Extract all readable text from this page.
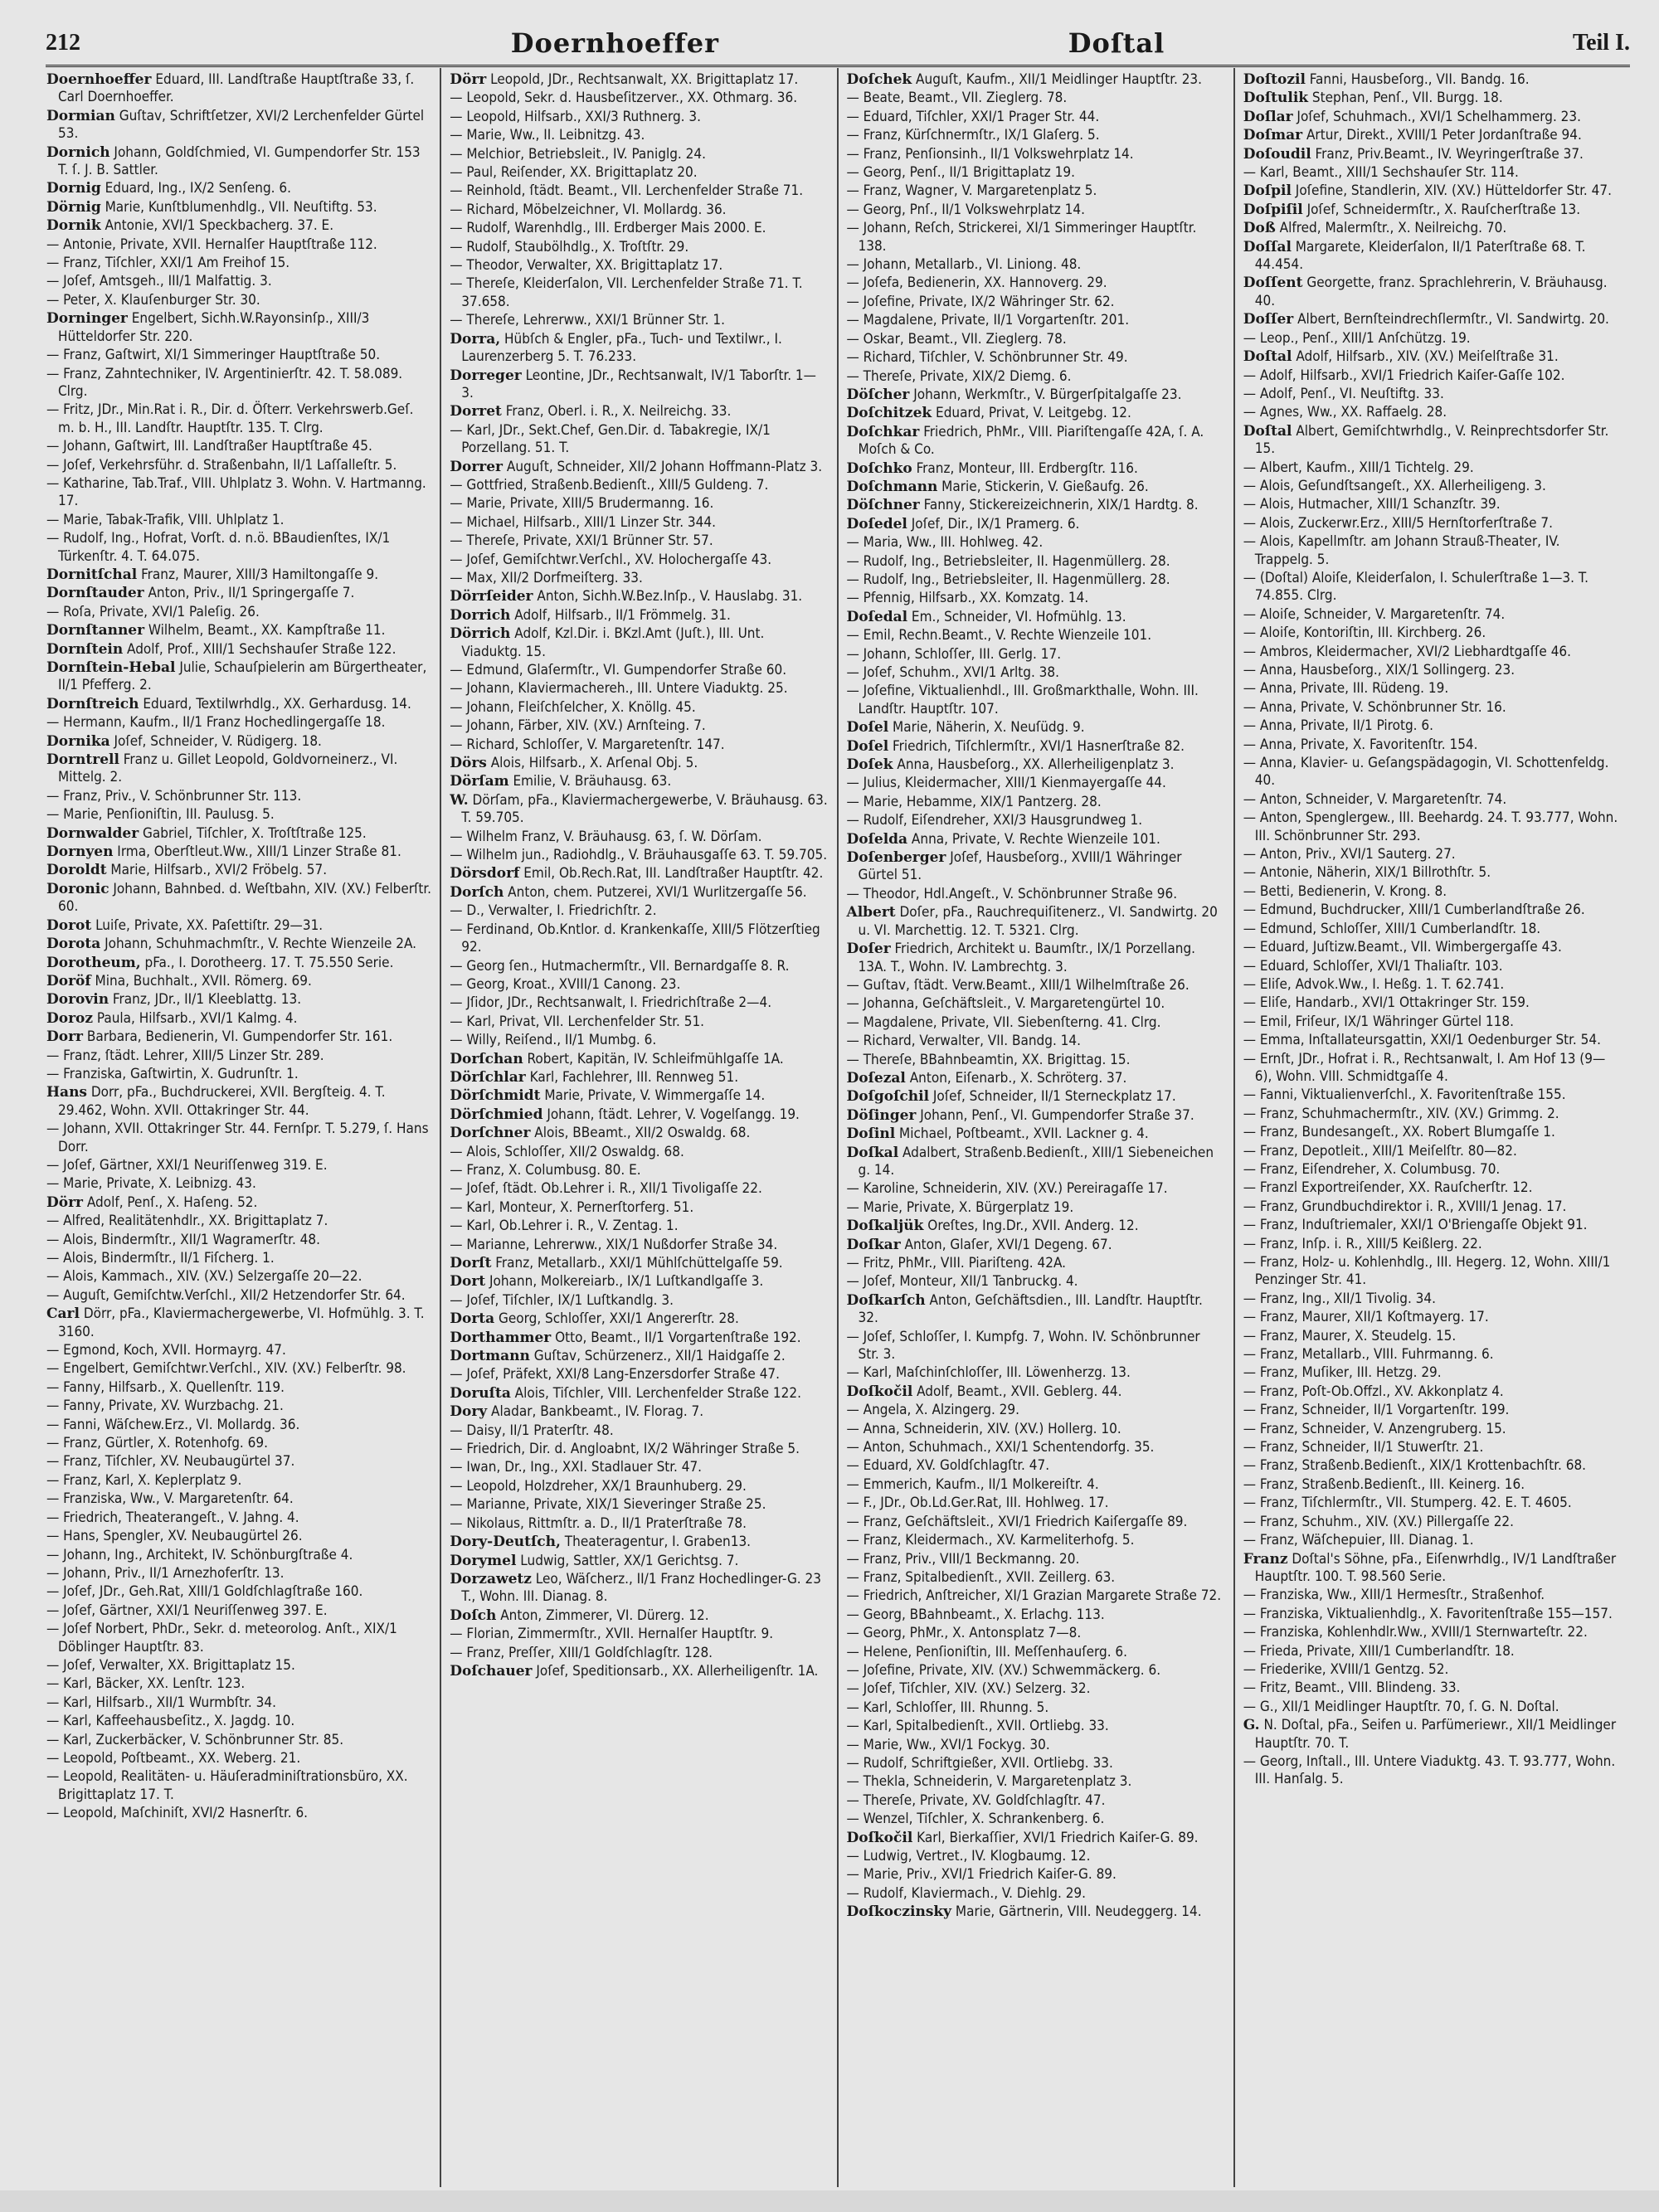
212	Doernhoeffer	Doſtal	Teil I.
Doernhoeffer Eduard, III. Landſtraße Hauptſtraße 33, ſ. Carl Doernhoeffer.
Dormian Guſtav, Schriftſetzer, XVI/2 Lerchenfelder Gürtel 53.
Dornich Johann, Goldſchmied, VI. Gumpendorfer Str. 153 T. ſ. J. B. Sattler.
Dornig Eduard, Ing., IX/2 Senſeng. 6.
Dörnig Marie, Kunſtblumenhdlg., VII. Neuſtiftg. 53.
Dornik Antonie, XVI/1 Speckbacherg. 37. E.
— Antonie, Private, XVII. Hernalſer Hauptſtraße 112.
— Franz, Tiſchler, XXI/1 Am Freihof 15.
— Joſef, Amtsgeh., III/1 Malfattig. 3.
— Peter, X. Klauſenburger Str. 30.
Dorninger Engelbert, Sichh.W.Rayonsinſp., XIII/3 Hütteldorfer Str. 220.
— Franz, Gaſtwirt, XI/1 Simmeringer Hauptſtraße 50.
— Franz, Zahntechniker, IV. Argentinierſtr. 42. T. 58.089. Clrg.
— Fritz, JDr., Min.Rat i. R., Dir. d. Öſterr. Verkehrswerb.Geſ. m. b. H., III. Landſtr. Hauptſtr. 135. T. Clrg.
— Johann, Gaſtwirt, III. Landſtraßer Hauptſtraße 45.
— Joſef, Verkehrsführ. d. Straßenbahn, II/1 Laſſalleſtr. 5.
— Katharine, Tab.Traf., VIII. Uhlplatz 3. Wohn. V. Hartmanng. 17.
— Marie, Tabak-Trafik, VIII. Uhlplatz 1.
— Rudolf, Ing., Hofrat, Vorſt. d. n.ö. BBaudienſtes, IX/1 Türkenſtr. 4. T. 64.075.
Dornitſchal Franz, Maurer, XIII/3 Hamiltongaſſe 9.
Dornſtauder Anton, Priv., II/1 Springergaſſe 7.
— Roſa, Private, XVI/1 Paleſig. 26.
Dornſtanner Wilhelm, Beamt., XX. Kampſtraße 11.
Dornſtein Adolf, Prof., XIII/1 Sechshauſer Straße 122.
Dornſtein-Hebal Julie, Schauſpielerin am Bürgertheater, II/1 Pfefferg. 2.
Dornſtreich Eduard, Textilwrhdlg., XX. Gerhardusg. 14.
— Hermann, Kaufm., II/1 Franz Hochedlingergaſſe 18.
Dornika Joſef, Schneider, V. Rüdigerg. 18.
Dorntrell Franz u. Gillet Leopold, Goldvorneinerz., VI. Mittelg. 2.
— Franz, Priv., V. Schönbrunner Str. 113.
— Marie, Penſioniſtin, III. Paulusg. 5.
Dornwalder Gabriel, Tiſchler, X. Troſtſtraße 125.
Dornyen Irma, Oberſtleut.Ww., XIII/1 Linzer Straße 81.
Doroldt Marie, Hilfsarb., XVI/2 Fröbelg. 57.
Doronic Johann, Bahnbed. d. Weſtbahn, XIV. (XV.) Felberſtr. 60.
Dorot Luiſe, Private, XX. Paſettiſtr. 29—31.
Dorota Johann, Schuhmachmſtr., V. Rechte Wienzeile 2A.
Dorotheum, pFa., I. Dorotheerg. 17. T. 75.550 Serie.
Doröf Mina, Buchhalt., XVII. Römerg. 69.
Dorovin Franz, JDr., II/1 Kleeblattg. 13.
Doroz Paula, Hilfsarb., XVI/1 Kalmg. 4.
Dorr Barbara, Bedienerin, VI. Gumpendorfer Str. 161.
— Franz, ſtädt. Lehrer, XIII/5 Linzer Str. 289.
— Franziska, Gaſtwirtin, X. Gudrunſtr. 1.
Hans Dorr, pFa., Buchdruckerei, XVII. Bergſteig. 4. T. 29.462, Wohn. XVII. Ottakringer Str. 44.
— Johann, XVII. Ottakringer Str. 44. Fernſpr. T. 5.279, ſ. Hans Dorr.
— Joſef, Gärtner, XXI/1 Neuriſſenweg 319. E.
— Marie, Private, X. Leibnizg. 43.
Dörr Adolf, Penſ., X. Haſeng. 52.
— Alfred, Realitätenhdlr., XX. Brigittaplatz 7.
— Alois, Bindermſtr., XII/1 Wagramerſtr. 48.
— Alois, Bindermſtr., II/1 Fiſcherg. 1.
— Alois, Kammach., XIV. (XV.) Selzergaſſe 20—22.
— Auguſt, Gemiſchtw.Verſchl., XII/2 Hetzendorfer Str. 64.
Carl Dörr, pFa., Klaviermachergewerbe, VI. Hofmühlg. 3. T. 3160.
— Egmond, Koch, XVII. Hormayrg. 47.
— Engelbert, Gemiſchtwr.Verſchl., XIV. (XV.) Felberſtr. 98.
— Fanny, Hilfsarb., X. Quellenſtr. 119.
— Fanny, Private, XV. Wurzbachg. 21.
— Fanni, Wäſchew.Erz., VI. Mollardg. 36.
— Franz, Gürtler, X. Rotenhofg. 69.
— Franz, Tiſchler, XV. Neubaugürtel 37.
— Franz, Karl, X. Keplerplatz 9.
— Franziska, Ww., V. Margaretenſtr. 64.
— Friedrich, Theaterangeſt., V. Jahng. 4.
— Hans, Spengler, XV. Neubaugürtel 26.
— Johann, Ing., Architekt, IV. Schönburgſtraße 4.
— Johann, Priv., II/1 Arnezhoferſtr. 13.
— Joſef, JDr., Geh.Rat, XIII/1 Goldſchlagſtraße 160.
— Joſef, Gärtner, XXI/1 Neuriſſenweg 397. E.
— Joſef Norbert, PhDr., Sekr. d. meteorolog. Anſt., XIX/1 Döblinger Hauptſtr. 83.
— Joſef, Verwalter, XX. Brigittaplatz 15.
— Karl, Bäcker, XX. Lenſtr. 123.
— Karl, Hilfsarb., XII/1 Wurmbſtr. 34.
— Karl, Kaffeehausbeſitz., X. Jagdg. 10.
— Karl, Zuckerbäcker, V. Schönbrunner Str. 85.
— Leopold, Poſtbeamt., XX. Weberg. 21.
— Leopold, Realitäten- u. Häuſeradminiſtrationsbüro, XX. Brigittaplatz 17. T.
— Leopold, Maſchiniſt, XVI/2 Hasnerſtr. 6.
Dörr Leopold, JDr., Rechtsanwalt, XX. Brigittaplatz 17.
— Leopold, Sekr. d. Hausbeſitzerver., XX. Othmarg. 36.
— Leopold, Hilfsarb., XXI/3 Ruthnerg. 3.
— Marie, Ww., II. Leibnitzg. 43.
— Melchior, Betriebsleit., IV. Paniglg. 24.
— Paul, Reiſender, XX. Brigittaplatz 20.
— Reinhold, ſtädt. Beamt., VII. Lerchenfelder Straße 71.
— Richard, Möbelzeichner, VI. Mollardg. 36.
— Rudolf, Warenhdlg., III. Erdberger Mais 2000. E.
— Rudolf, Staubölhdlg., X. Troſtſtr. 29.
— Theodor, Verwalter, XX. Brigittaplatz 17.
— Thereſe, Kleiderſalon, VII. Lerchenfelder Straße 71. T. 37.658.
— Thereſe, Lehrerww., XXI/1 Brünner Str. 1.
Dorra, Hübſch & Engler, pFa., Tuch- und Textilwr., I. Laurenzerberg 5. T. 76.233.
Dorreger Leontine, JDr., Rechtsanwalt, IV/1 Taborſtr. 1—3.
Dorret Franz, Oberl. i. R., X. Neilreichg. 33.
— Karl, JDr., Sekt.Chef, Gen.Dir. d. Tabakregie, IX/1 Porzellang. 51. T.
Dorrer Auguſt, Schneider, XII/2 Johann Hoffmann-Platz 3.
— Gottfried, Straßenb.Bedienſt., XIII/5 Guldeng. 7.
— Marie, Private, XIII/5 Brudermanng. 16.
— Michael, Hilfsarb., XIII/1 Linzer Str. 344.
— Thereſe, Private, XXI/1 Brünner Str. 57.
— Joſef, Gemiſchtwr.Verſchl., XV. Holochergaſſe 43.
— Max, XII/2 Dorfmeiſterg. 33.
Dörrſeider Anton, Sichh.W.Bez.Inſp., V. Hauslabg. 31.
Dorrich Adolf, Hilfsarb., II/1 Frömmelg. 31.
Dörrich Adolf, Kzl.Dir. i. BKzl.Amt (Juſt.), III. Unt. Viaduktg. 15.
— Edmund, Glaſermſtr., VI. Gumpendorfer Straße 60.
— Johann, Klaviermachereh., III. Untere Viaduktg. 25.
— Johann, Fleiſchſelcher, X. Knöllg. 45.
— Johann, Färber, XIV. (XV.) Arnſteing. 7.
— Richard, Schloſſer, V. Margaretenſtr. 147.
Dörs Alois, Hilfsarb., X. Arſenal Obj. 5.
Dörſam Emilie, V. Bräuhausg. 63.
W. Dörſam, pFa., Klaviermachergewerbe, V. Bräuhausg. 63. T. 59.705.
— Wilhelm Franz, V. Bräuhausg. 63, ſ. W. Dörſam.
— Wilhelm jun., Radiohdlg., V. Bräuhausgaſſe 63. T. 59.705.
Dörsdorf Emil, Ob.Rech.Rat, III. Landſtraßer Hauptſtr. 42.
Dorſch Anton, chem. Putzerei, XVI/1 Wurlitzergaſſe 56.
— D., Verwalter, I. Friedrichſtr. 2.
— Ferdinand, Ob.Kntlor. d. Krankenkaſſe, XIII/5 Flötzerſtieg 92.
— Georg ſen., Hutmachermſtr., VII. Bernardgaſſe 8. R.
— Georg, Kroat., XVIII/1 Canong. 23.
— Jſidor, JDr., Rechtsanwalt, I. Friedrichſtraße 2—4.
— Karl, Privat, VII. Lerchenfelder Str. 51.
— Willy, Reiſend., II/1 Mumbg. 6.
Dorſchan Robert, Kapitän, IV. Schleifmühlgaſſe 1A.
Dörſchlar Karl, Fachlehrer, III. Rennweg 51.
Dörſchmidt Marie, Private, V. Wimmergaſſe 14.
Dörſchmied Johann, ſtädt. Lehrer, V. Vogelſangg. 19.
Dorſchner Alois, BBeamt., XII/2 Oswaldg. 68.
— Alois, Schloſſer, XII/2 Oswaldg. 68.
— Franz, X. Columbusg. 80. E.
— Joſef, ſtädt. Ob.Lehrer i. R., XII/1 Tivoligaſſe 22.
— Karl, Monteur, X. Pernerſtorferg. 51.
— Karl, Ob.Lehrer i. R., V. Zentag. 1.
— Marianne, Lehrerww., XIX/1 Nußdorfer Straße 34.
Dorſt Franz, Metallarb., XXI/1 Mühlſchüttelgaſſe 59.
Dort Johann, Molkereiarb., IX/1 Luſtkandlgaſſe 3.
— Joſef, Tiſchler, IX/1 Luſtkandlg. 3.
Dorta Georg, Schloſſer, XXI/1 Angererſtr. 28.
Dorthammer Otto, Beamt., II/1 Vorgartenſtraße 192.
Dortmann Guſtav, Schürzenerz., XII/1 Haidgaſſe 2.
— Joſef, Präfekt, XXI/8 Lang-Enzersdorfer Straße 47.
Doruſta Alois, Tiſchler, VIII. Lerchenfelder Straße 122.
Dory Aladar, Bankbeamt., IV. Florag. 7.
— Daisy, II/1 Praterſtr. 48.
— Friedrich, Dir. d. Angloabnt, IX/2 Währinger Straße 5.
— Iwan, Dr., Ing., XXI. Stadlauer Str. 47.
— Leopold, Holzdreher, XX/1 Braunhuberg. 29.
— Marianne, Private, XIX/1 Sieveringer Straße 25.
— Nikolaus, Rittmſtr. a. D., II/1 Praterſtraße 78.
Dory-Deutſch, Theateragentur, I. Graben13.
Dorymel Ludwig, Sattler, XX/1 Gerichtsg. 7.
Dorzawetz Leo, Wäſcherz., II/1 Franz Hochedlinger-G. 23 T., Wohn. III. Dianag. 8.
Doſch Anton, Zimmerer, VI. Dürerg. 12.
— Florian, Zimmermſtr., XVII. Hernalſer Hauptſtr. 9.
— Franz, Preſſer, XIII/1 Goldſchlagſtr. 128.
Doſchauer Joſef, Speditionsarb., XX. Allerheiligenſtr. 1A.
Doſchek Auguſt, Kaufm., XII/1 Meidlinger Hauptſtr. 23.
— Beate, Beamt., VII. Zieglerg. 78.
— Eduard, Tiſchler, XXI/1 Prager Str. 44.
— Franz, Kürſchnermſtr., IX/1 Glaſerg. 5.
— Franz, Penſionsinh., II/1 Volkswehrplatz 14.
— Georg, Penſ., II/1 Brigittaplatz 19.
— Franz, Wagner, V. Margaretenplatz 5.
— Georg, Pnſ., II/1 Volkswehrplatz 14.
— Johann, Reſch, Strickerei, XI/1 Simmeringer Hauptſtr. 138.
— Johann, Metallarb., VI. Liniong. 48.
— Joſefa, Bedienerin, XX. Hannoverg. 29.
— Joſefine, Private, IX/2 Währinger Str. 62.
— Magdalene, Private, II/1 Vorgartenſtr. 201.
— Oskar, Beamt., VII. Zieglerg. 78.
— Richard, Tiſchler, V. Schönbrunner Str. 49.
— Thereſe, Private, XIX/2 Diemg. 6.
Döſcher Johann, Werkmſtr., V. Bürgerſpitalgaſſe 23.
Doſchitzek Eduard, Privat, V. Leitgebg. 12.
Doſchkar Friedrich, PhMr., VIII. Piariſtengaſſe 42A, ſ. A. Moſch & Co.
Doſchko Franz, Monteur, III. Erdbergſtr. 116.
Doſchmann Marie, Stickerin, V. Gießaufg. 26.
Döſchner Fanny, Stickereizeichnerin, XIX/1 Hardtg. 8.
Doſedel Joſef, Dir., IX/1 Pramerg. 6.
— Maria, Ww., III. Hohlweg. 42.
— Rudolf, Ing., Betriebsleiter, II. Hagenmüllerg. 28.
— Rudolf, Ing., Betriebsleiter, II. Hagenmüllerg. 28.
— Pfennig, Hilfsarb., XX. Komzatg. 14.
Doſedal Em., Schneider, VI. Hofmühlg. 13.
— Emil, Rechn.Beamt., V. Rechte Wienzeile 101.
— Johann, Schloſſer, III. Gerlg. 17.
— Joſef, Schuhm., XVI/1 Arltg. 38.
— Joſefine, Viktualienhdl., III. Großmarkthalle, Wohn. III. Landſtr. Hauptſtr. 107.
Doſel Marie, Näherin, X. Neuſüdg. 9.
Doſel Friedrich, Tiſchlermſtr., XVI/1 Hasnerſtraße 82.
Doſek Anna, Hausbeſorg., XX. Allerheiligenplatz 3.
— Julius, Kleidermacher, XIII/1 Kienmayergaſſe 44.
— Marie, Hebamme, XIX/1 Pantzerg. 28.
— Rudolf, Eiſendreher, XXI/3 Hausgrundweg 1.
Doſelda Anna, Private, V. Rechte Wienzeile 101.
Doſenberger Joſef, Hausbeſorg., XVIII/1 Währinger Gürtel 51.
— Theodor, Hdl.Angeſt., V. Schönbrunner Straße 96.
Albert Doſer, pFa., Rauchrequiſitenerz., VI. Sandwirtg. 20 u. VI. Marchettig. 12. T. 5321. Clrg.
Doſer Friedrich, Architekt u. Baumſtr., IX/1 Porzellang. 13A. T., Wohn. IV. Lambrechtg. 3.
— Guſtav, ſtädt. Verw.Beamt., XIII/1 Wilhelmſtraße 26.
— Johanna, Geſchäftsleit., V. Margaretengürtel 10.
— Magdalene, Private, VII. Siebenſterng. 41. Clrg.
— Richard, Verwalter, VII. Bandg. 14.
— Thereſe, BBahnbeamtin, XX. Brigittag. 15.
Doſezal Anton, Eiſenarb., X. Schröterg. 37.
Doſgoſchil Joſef, Schneider, II/1 Sterneckplatz 17.
Döſinger Johann, Penſ., VI. Gumpendorfer Straße 37.
Doſinl Michael, Poſtbeamt., XVII. Lackner g. 4.
Doſkal Adalbert, Straßenb.Bedienſt., XIII/1 Siebeneichen g. 14.
— Karoline, Schneiderin, XIV. (XV.) Pereiragaſſe 17.
— Marie, Private, X. Bürgerplatz 19.
Doſkaljük Oreſtes, Ing.Dr., XVII. Anderg. 12.
Doſkar Anton, Glaſer, XVI/1 Degeng. 67.
— Fritz, PhMr., VIII. Piariſteng. 42A.
— Joſef, Monteur, XII/1 Tanbruckg. 4.
Doſkarſch Anton, Geſchäftsdien., III. Landſtr. Hauptſtr. 32.
— Joſef, Schloſſer, I. Kumpfg. 7, Wohn. IV. Schönbrunner Str. 3.
— Karl, Maſchinſchloſſer, III. Löwenherzg. 13.
Doſkočil Adolf, Beamt., XVII. Geblerg. 44.
— Angela, X. Alzingerg. 29.
— Anna, Schneiderin, XIV. (XV.) Hollerg. 10.
— Anton, Schuhmach., XXI/1 Schentendorfg. 35.
— Eduard, XV. Goldſchlagſtr. 47.
— Emmerich, Kaufm., II/1 Molkereiſtr. 4.
— F., JDr., Ob.Ld.Ger.Rat, III. Hohlweg. 17.
— Franz, Geſchäftsleit., XVI/1 Friedrich Kaiſergaſſe 89.
— Franz, Kleidermach., XV. Karmeliterhofg. 5.
— Franz, Priv., VIII/1 Beckmanng. 20.
— Franz, Spitalbedienſt., XVII. Zeillerg. 63.
— Friedrich, Anſtreicher, XI/1 Grazian Margarete Straße 72.
— Georg, BBahnbeamt., X. Erlachg. 113.
— Georg, PhMr., X. Antonsplatz 7—8.
— Helene, Penſioniſtin, III. Meſſenhauſerg. 6.
— Joſefine, Private, XIV. (XV.) Schwemmäckerg. 6.
— Joſef, Tiſchler, XIV. (XV.) Selzerg. 32.
— Karl, Schloſſer, III. Rhunng. 5.
— Karl, Spitalbedienſt., XVII. Ortliebg. 33.
— Marie, Ww., XVI/1 Fockyg. 30.
— Rudolf, Schriftgießer, XVII. Ortliebg. 33.
— Thekla, Schneiderin, V. Margaretenplatz 3.
— Thereſe, Private, XV. Goldſchlagſtr. 47.
— Wenzel, Tiſchler, X. Schrankenberg. 6.
Doſkočil Karl, Bierkaſſier, XVI/1 Friedrich Kaiſer-G. 89.
— Ludwig, Vertret., IV. Klogbaumg. 12.
— Marie, Priv., XVI/1 Friedrich Kaiſer-G. 89.
— Rudolf, Klaviermach., V. Diehlg. 29.
Doſkoczinsky Marie, Gärtnerin, VIII. Neudeggerg. 14.
Doſtozil Fanni, Hausbeſorg., VII. Bandg. 16.
Doſtulik Stephan, Penſ., VII. Burgg. 18.
Doſlar Joſef, Schuhmach., XVI/1 Schelhammerg. 23.
Doſmar Artur, Direkt., XVIII/1 Peter Jordanſtraße 94.
Doſoudil Franz, Priv.Beamt., IV. Weyringerſtraße 37.
— Karl, Beamt., XIII/1 Sechshauſer Str. 114.
Doſpil Joſefine, Standlerin, XIV. (XV.) Hütteldorfer Str. 47.
Doſpiſil Joſef, Schneidermſtr., X. Rauſcherſtraße 13.
Doß Alfred, Malermſtr., X. Neilreichg. 70.
Doſſal Margarete, Kleiderſalon, II/1 Paterſtraße 68. T. 44.454.
Doſſent Georgette, franz. Sprachlehrerin, V. Bräuhausg. 40.
Doſſer Albert, Bernſteindrechſlermſtr., VI. Sandwirtg. 20.
— Leop., Penſ., XIII/1 Anſchützg. 19.
Doſtal Adolf, Hilfsarb., XIV. (XV.) Meiſelſtraße 31.
— Adolf, Hilfsarb., XVI/1 Friedrich Kaiſer-Gaſſe 102.
— Adolf, Penſ., VI. Neuſtiftg. 33.
— Agnes, Ww., XX. Raffaelg. 28.
Doſtal Albert, Gemiſchtwrhdlg., V. Reinprechtsdorfer Str. 15.
— Albert, Kaufm., XIII/1 Tichtelg. 29.
— Alois, Geſundſtsangeſt., XX. Allerheiligeng. 3.
— Alois, Hutmacher, XIII/1 Schanzſtr. 39.
— Alois, Zuckerwr.Erz., XIII/5 Hernſtorferſtraße 7.
— Alois, Kapellmſtr. am Johann Strauß-Theater, IV. Trappelg. 5.
— (Doſtal) Aloiſe, Kleiderſalon, I. Schulerſtraße 1—3. T. 74.855. Clrg.
— Aloiſe, Schneider, V. Margaretenſtr. 74.
— Aloiſe, Kontoriſtin, III. Kirchberg. 26.
— Ambros, Kleidermacher, XVI/2 Liebhardtgaſſe 46.
— Anna, Hausbeſorg., XIX/1 Sollingerg. 23.
— Anna, Private, III. Rüdeng. 19.
— Anna, Private, V. Schönbrunner Str. 16.
— Anna, Private, II/1 Pirotg. 6.
— Anna, Private, X. Favoritenſtr. 154.
— Anna, Klavier- u. Geſangspädagogin, VI. Schottenfeldg. 40.
— Anton, Schneider, V. Margaretenſtr. 74.
— Anton, Spenglergew., III. Beehardg. 24. T. 93.777, Wohn. III. Schönbrunner Str. 293.
— Anton, Priv., XVI/1 Sauterg. 27.
— Antonie, Näherin, XIX/1 Billrothſtr. 5.
— Betti, Bedienerin, V. Krong. 8.
— Edmund, Buchdrucker, XIII/1 Cumberlandſtraße 26.
— Edmund, Schloſſer, XIII/1 Cumberlandſtr. 18.
— Eduard, Juſtizw.Beamt., VII. Wimbergergaſſe 43.
— Eduard, Schloſſer, XVI/1 Thaliaſtr. 103.
— Eliſe, Advok.Ww., I. Heßg. 1. T. 62.741.
— Eliſe, Handarb., XVI/1 Ottakringer Str. 159.
— Emil, Friſeur, IX/1 Währinger Gürtel 118.
— Emma, Inſtallateursgattin, XXI/1 Oedenburger Str. 54.
— Ernſt, JDr., Hofrat i. R., Rechtsanwalt, I. Am Hof 13 (9—6), Wohn. VIII. Schmidtgaſſe 4.
— Fanni, Viktualienverſchl., X. Favoritenſtraße 155.
— Franz, Schuhmachermſtr., XIV. (XV.) Grimmg. 2.
— Franz, Bundesangeſt., XX. Robert Blumgaſſe 1.
— Franz, Depotleit., XIII/1 Meiſelſtr. 80—82.
— Franz, Eiſendreher, X. Columbusg. 70.
— Franzl Exportreiſender, XX. Rauſcherſtr. 12.
— Franz, Grundbuchdirektor i. R., XVIII/1 Jenag. 17.
— Franz, Induſtriemaler, XXI/1 O'Briengaſſe Objekt 91.
— Franz, Inſp. i. R., XIII/5 Keißlerg. 22.
— Franz, Holz- u. Kohlenhdlg., III. Hegerg. 12, Wohn. XIII/1 Penzinger Str. 41.
— Franz, Ing., XII/1 Tivolig. 34.
— Franz, Maurer, XII/1 Koſtmayerg. 17.
— Franz, Maurer, X. Steudelg. 15.
— Franz, Metallarb., VIII. Fuhrmanng. 6.
— Franz, Muſiker, III. Hetzg. 29.
— Franz, Poſt-Ob.Offzl., XV. Akkonplatz 4.
— Franz, Schneider, II/1 Vorgartenſtr. 199.
— Franz, Schneider, V. Anzengruberg. 15.
— Franz, Schneider, II/1 Stuwerſtr. 21.
— Franz, Straßenb.Bedienſt., XIX/1 Krottenbachſtr. 68.
— Franz, Straßenb.Bedienſt., III. Keinerg. 16.
— Franz, Tiſchlermſtr., VII. Stumperg. 42. E. T. 4605.
— Franz, Schuhm., XIV. (XV.) Pillergaſſe 22.
— Franz, Wäſchepuier, III. Dianag. 1.
Franz Doſtal's Söhne, pFa., Eiſenwrhdlg., IV/1 Landſtraßer Hauptſtr. 100. T. 98.560 Serie.
— Franziska, Ww., XIII/1 Hermesſtr., Straßenhof.
— Franziska, Viktualienhdlg., X. Favoritenſtraße 155—157.
— Franziska, Kohlenhdlr.Ww., XVIII/1 Sternwarteſtr. 22.
— Frieda, Private, XIII/1 Cumberlandſtr. 18.
— Friederike, XVIII/1 Gentzg. 52.
— Fritz, Beamt., VIII. Blindeng. 33.
— G., XII/1 Meidlinger Hauptſtr. 70, ſ. G. N. Doſtal.
G. N. Doſtal, pFa., Seifen u. Parfümeriewr., XII/1 Meidlinger Hauptſtr. 70. T.
— Georg, Inſtall., III. Untere Viaduktg. 43. T. 93.777, Wohn. III. Hanſalg. 5.
